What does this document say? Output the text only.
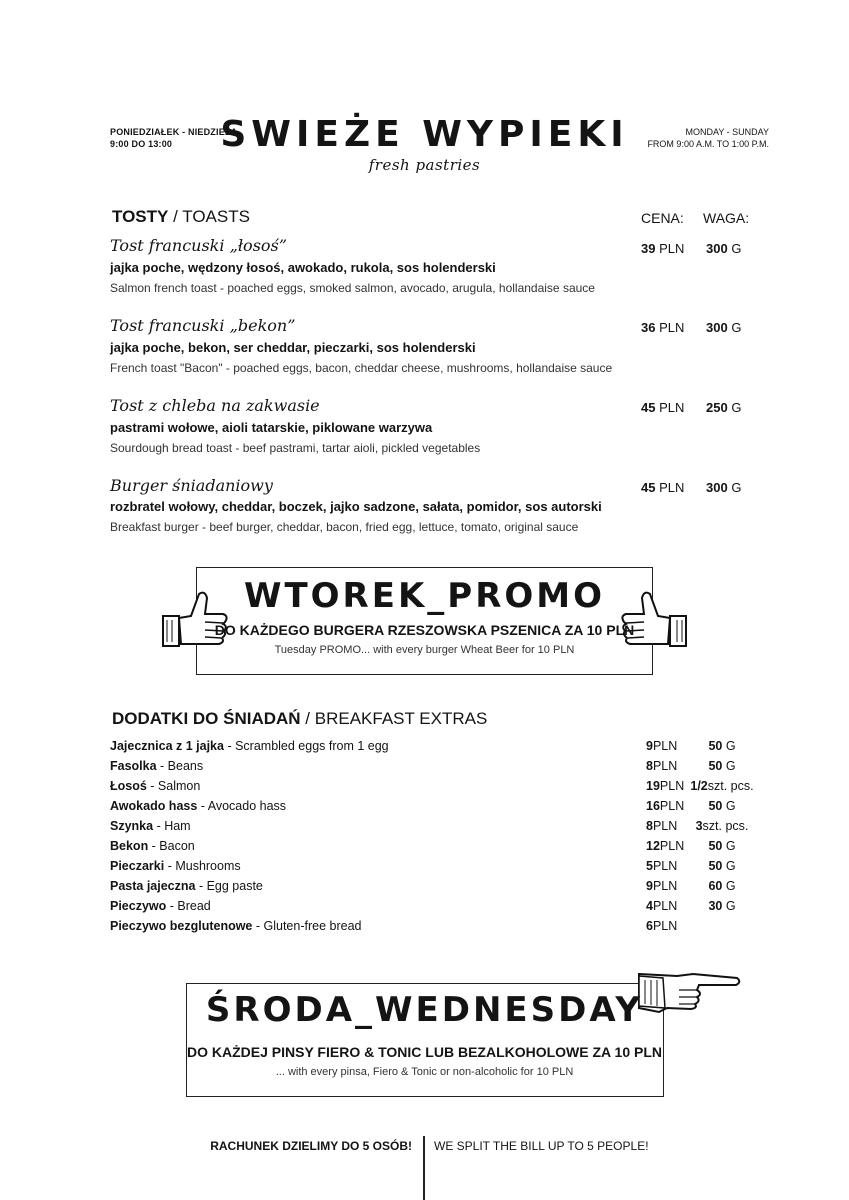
PONIEDZIAŁEK - NIEDZIELA
9:00 DO 13:00	SWIEŻE WYPIEKI
fresh pastries
MONDAY - SUNDAY
FROM 9:00 A.M. TO 1:00 P.M.
TOSTY / TOASTS	CENA: WAGA:
Tost francuski „łosoś”
jajka poche, wędzony łosoś, awokado, rukola, sos holenderski
Salmon french toast - poached eggs, smoked salmon, avocado, arugula, hollandaise sauce
39 PLN 300 G
Tost francuski „bekon”
jajka poche, bekon, ser cheddar, pieczarki, sos holenderski
French toast "Bacon" - poached eggs, bacon, cheddar cheese, mushrooms, hollandaise sauce
36 PLN 300 G
Tost z chleba na zakwasie
pastrami wołowe, aioli tatarskie, piklowane warzywa
Sourdough bread toast - beef pastrami, tartar aioli, pickled vegetables
45 PLN 250 G
Burger śniadaniowy
rozbratel wołowy, cheddar, boczek, jajko sadzone, sałata, pomidor, sos autorski
Breakfast burger - beef burger, cheddar, bacon, fried egg, lettuce, tomato, original sauce
45 PLN 300 G
WTOREK_PROMO
DO KAŻDEGO BURGERA RZESZOWSKA PSZENICA ZA 10 PLN
Tuesday PROMO... with every burger Wheat Beer for 10 PLN
DODATKI DO ŚNIADAŃ / BREAKFAST EXTRAS
Jajecznica z 1 jajka - Scrambled eggs from 1 egg	9PLN	50 G
Fasolka - Beans	8PLN	50 G
Łosoś - Salmon	19PLN 1/2szt. pcs.
Awokado hass - Avocado hass	16PLN	50 G
Szynka - Ham	8PLN	3szt. pcs.
Bekon - Bacon	12PLN	50 G
Pieczarki - Mushrooms	5PLN	50 G
Pasta jajeczna - Egg paste	9PLN	60 G
Pieczywo - Bread	4PLN	30 G
Pieczywo bezglutenowe - Gluten-free bread	6PLN
ŚRODA_WEDNESDAY
DO KAŻDEJ PINSY FIERO & TONIC LUB BEZALKOHOLOWE ZA 10 PLN
... with every pinsa, Fiero & Tonic or non-alcoholic for 10 PLN
RACHUNEK DZIELIMY DO 5 OSÓB! WE SPLIT THE BILL UP TO 5 PEOPLE!
